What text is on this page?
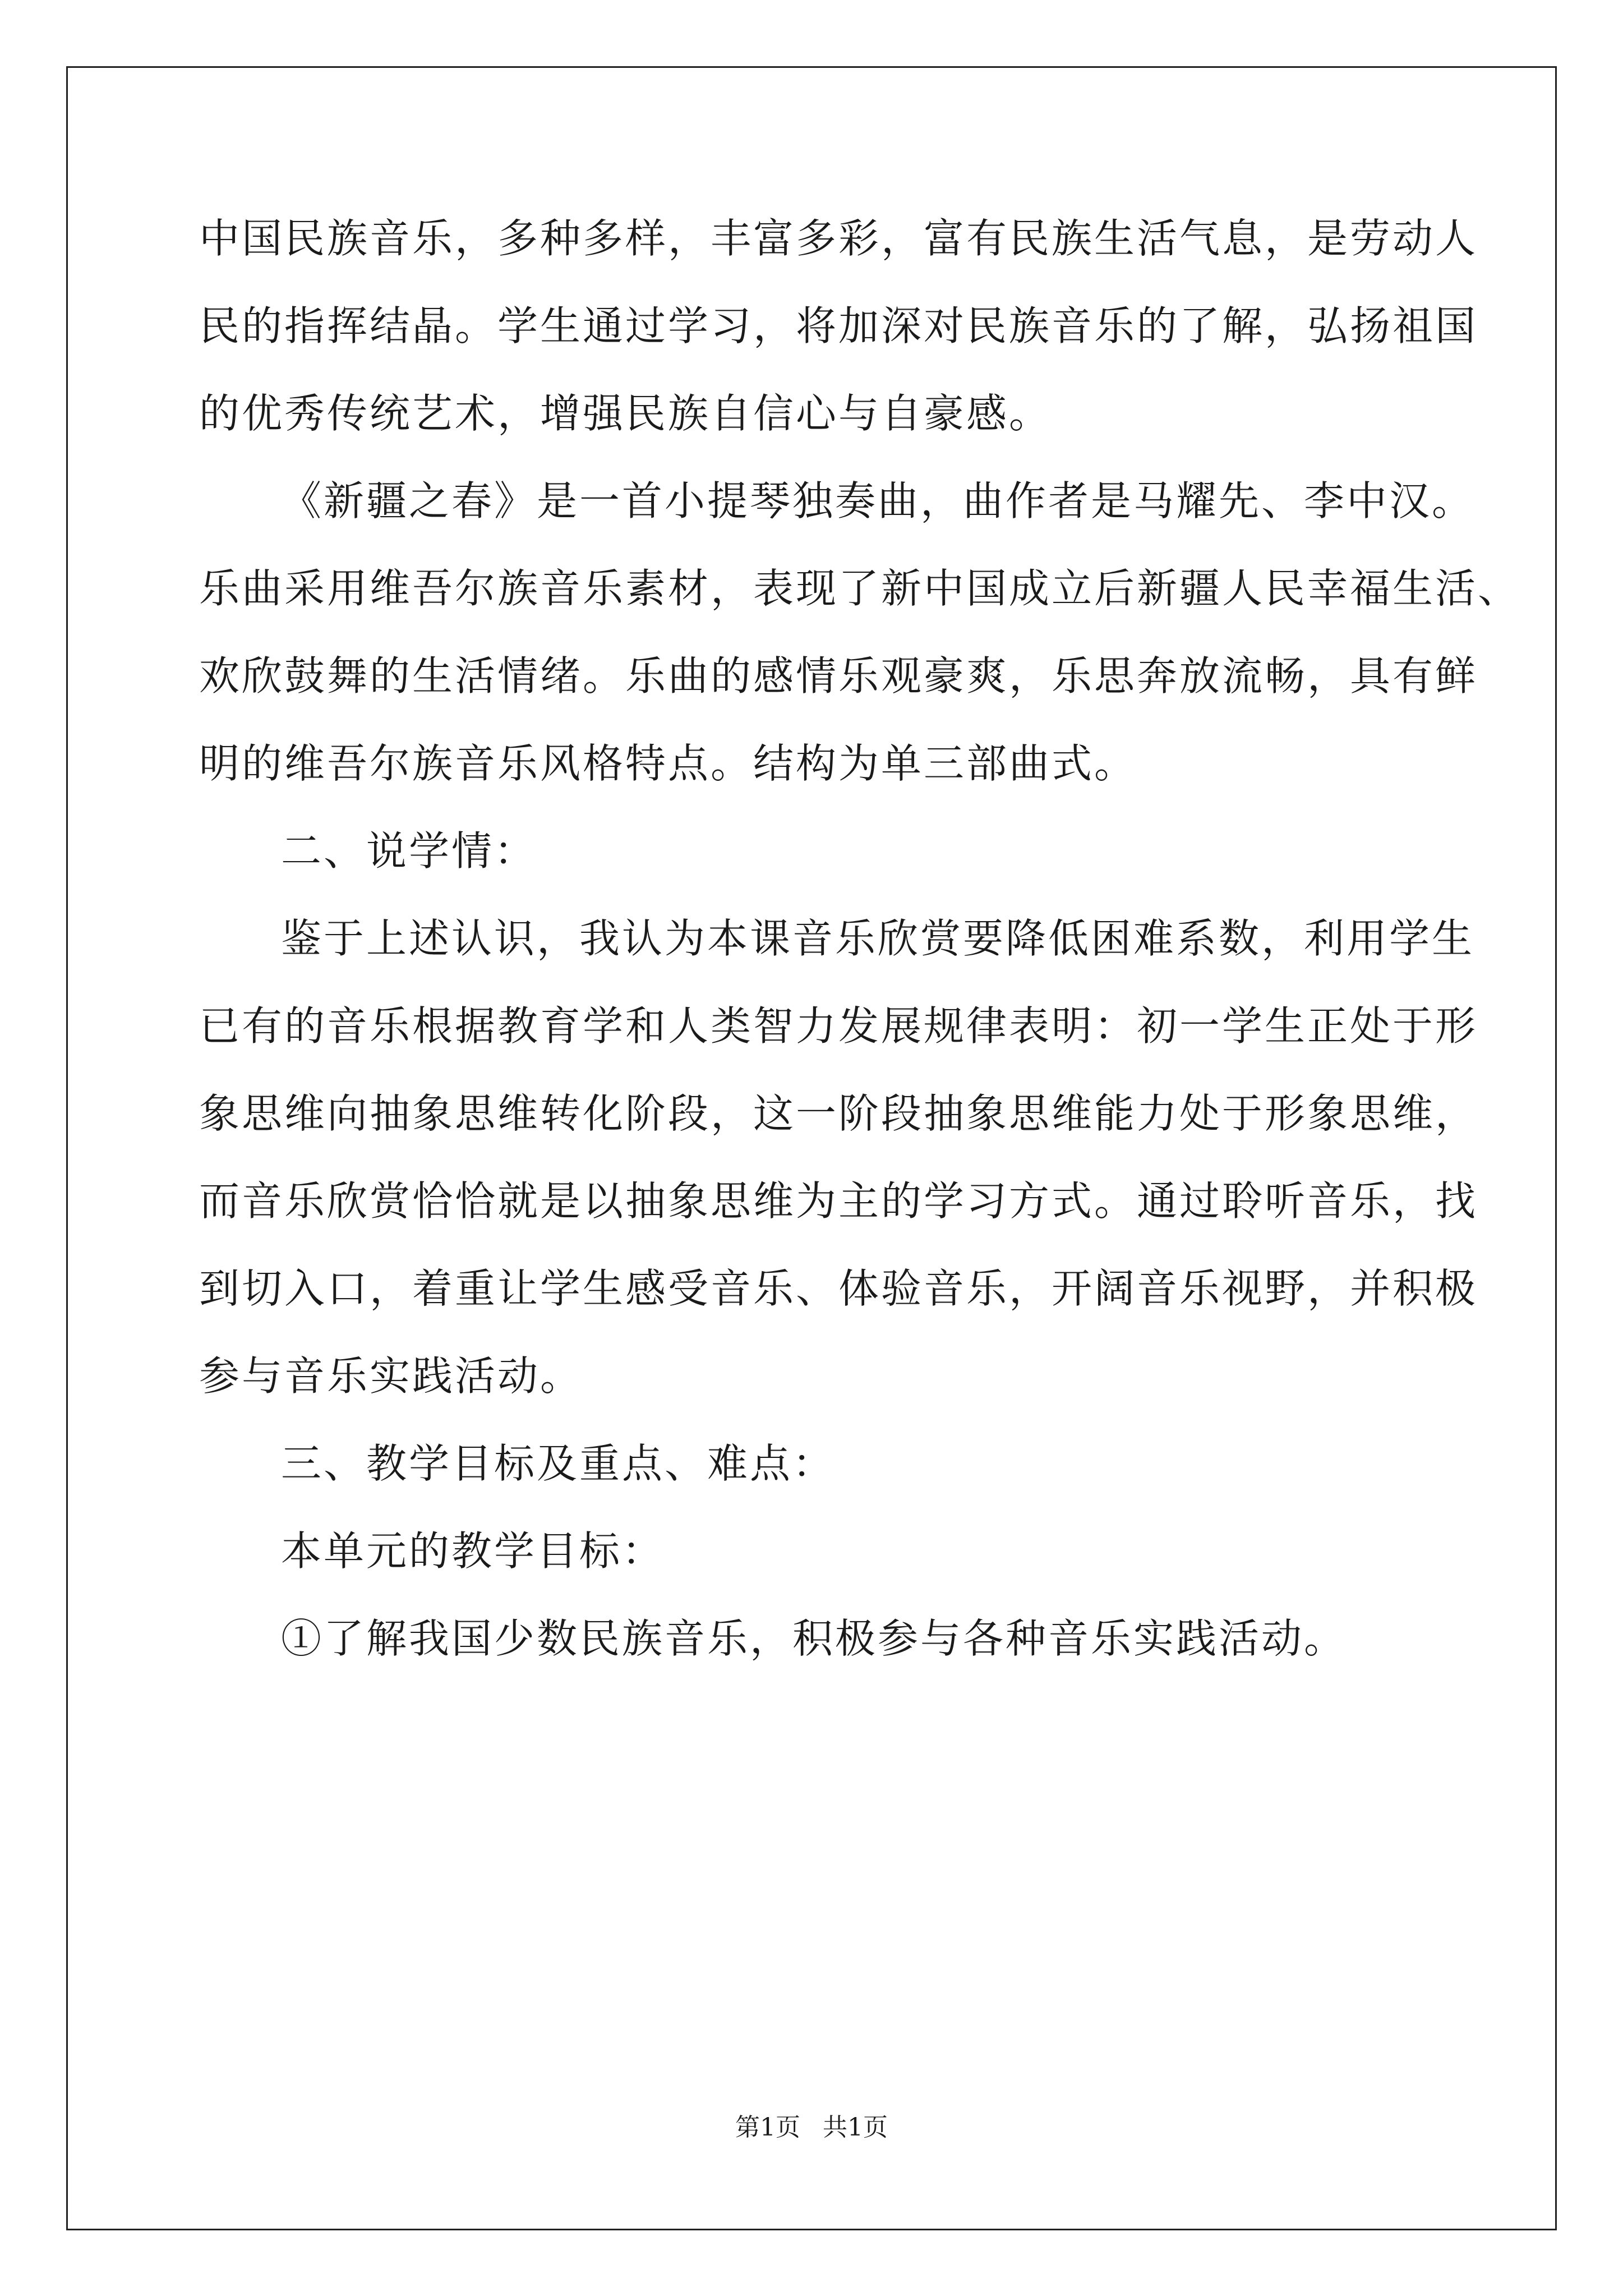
中国民族音乐，多种多样，丰富多彩，富有民族生活气息，是劳动人
民的指挥结晶。学生通过学习，将加深对民族音乐的了解，弘扬祖国
的优秀传统艺术，增强民族自信心与自豪感。
《新疆之春》是一首小提琴独奏曲，曲作者是马耀先、李中汉。
乐曲采用维吾尔族音乐素材，表现了新中国成立后新疆人民幸福生活、
欢欣鼓舞的生活情绪。乐曲的感情乐观豪爽，乐思奔放流畅，具有鲜
明的维吾尔族音乐风格特点。结构为单三部曲式。
二、说学情：
鉴于上述认识，我认为本课音乐欣赏要降低困难系数，利用学生
已有的音乐根据教育学和人类智力发展规律表明：初一学生正处于形
象思维向抽象思维转化阶段，这一阶段抽象思维能力处于形象思维，
而音乐欣赏恰恰就是以抽象思维为主的学习方式。通过聆听音乐，找
到切入口，着重让学生感受音乐、体验音乐，开阔音乐视野，并积极
参与音乐实践活动。
三、教学目标及重点、难点：
本单元的教学目标：
①了解我国少数民族音乐，积极参与各种音乐实践活动。
第1页 共1页
